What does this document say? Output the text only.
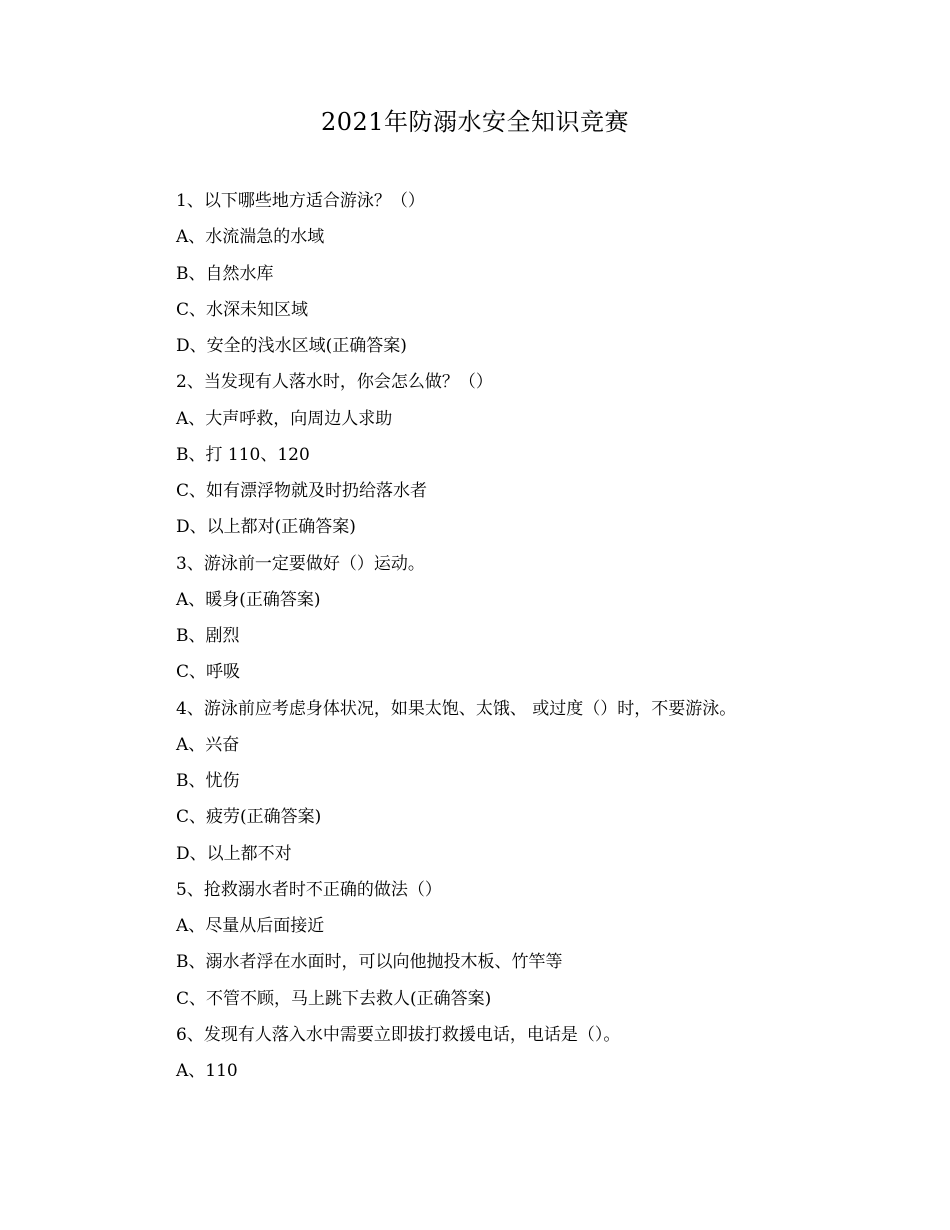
2021年防溺水安全知识竞赛
1、以下哪些地方适合游泳？（）
A、水流湍急的水域
B、自然水库
C、水深未知区域
D、安全的浅水区域(正确答案)
2、当发现有人落水时，你会怎么做？（）
A、大声呼救，向周边人求助
B、打 110、120
C、如有漂浮物就及时扔给落水者
D、以上都对(正确答案)
3、游泳前一定要做好（）运动。
A、暖身(正确答案)
B、剧烈
C、呼吸
4、游泳前应考虑身体状况，如果太饱、太饿、 或过度（）时，不要游泳。
A、兴奋
B、忧伤
C、疲劳(正确答案)
D、以上都不对
5、抢救溺水者时不正确的做法（）
A、尽量从后面接近
B、溺水者浮在水面时，可以向他抛投木板、竹竿等
C、不管不顾，马上跳下去救人(正确答案)
6、发现有人落入水中需要立即拔打救援电话，电话是（）。
A、110
